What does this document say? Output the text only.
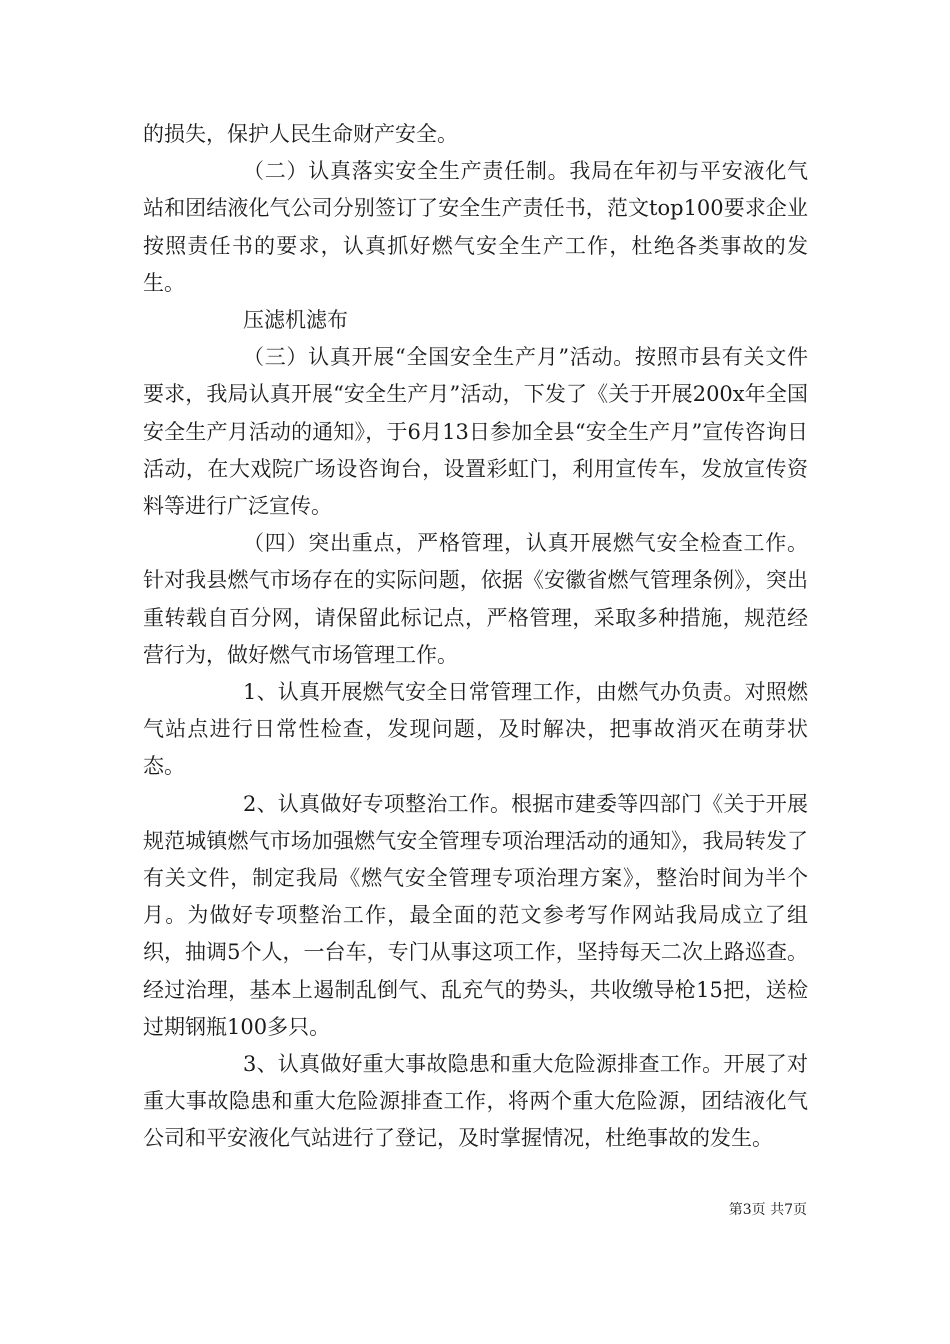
的损失，保护人民生命财产安全。

（二）认真落实安全生产责任制。我局在年初与平安液化气站和团结液化气公司分别签订了安全生产责任书，范文top100要求企业按照责任书的要求，认真抓好燃气安全生产工作，杜绝各类事故的发生。

压滤机滤布

（三）认真开展“全国安全生产月”活动。按照市县有关文件要求，我局认真开展“安全生产月”活动，下发了《关于开展200x年全国安全生产月活动的通知》，于6月13日参加全县“安全生产月”宣传咨询日活动，在大戏院广场设咨询台，设置彩虹门，利用宣传车，发放宣传资料等进行广泛宣传。

（四）突出重点，严格管理，认真开展燃气安全检查工作。针对我县燃气市场存在的实际问题，依据《安徽省燃气管理条例》，突出重转载自百分网，请保留此标记点，严格管理，采取多种措施，规范经营行为，做好燃气市场管理工作。

1、认真开展燃气安全日常管理工作，由燃气办负责。对照燃气站点进行日常性检查，发现问题，及时解决，把事故消灭在萌芽状态。

2、认真做好专项整治工作。根据市建委等四部门《关于开展规范城镇燃气市场加强燃气安全管理专项治理活动的通知》，我局转发了有关文件，制定我局《燃气安全管理专项治理方案》，整治时间为半个月。为做好专项整治工作，最全面的范文参考写作网站我局成立了组织，抽调5个人，一台车，专门从事这项工作，坚持每天二次上路巡查。经过治理，基本上遏制乱倒气、乱充气的势头，共收缴导枪15把，送检过期钢瓶100多只。

3、认真做好重大事故隐患和重大危险源排查工作。开展了对重大事故隐患和重大危险源排查工作，将两个重大危险源，团结液化气公司和平安液化气站进行了登记，及时掌握情况，杜绝事故的发生。

第3页 共7页
